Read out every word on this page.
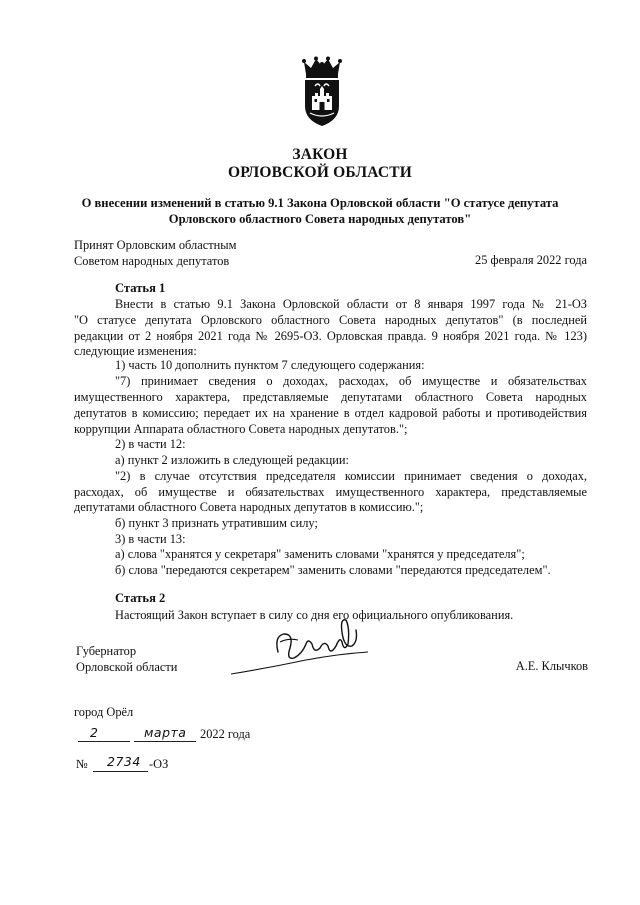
ЗАКОН
ОРЛОВСКОЙ ОБЛАСТИ
О внесении изменений в статью 9.1 Закона Орловской области "О статусе депутата
Орловского областного Совета народных депутатов"
Принят Орловским областным
Советом народных депутатов	25 февраля 2022 года
Статья 1
Внести в статью 9.1 Закона Орловской области от 8 января 1997 года № 21-ОЗ
"О статусе депутата Орловского областного Совета народных депутатов" (в последней
редакции от 2 ноября 2021 года № 2695-ОЗ. Орловская правда. 9 ноября 2021 года. № 123)
следующие изменения:
1) часть 10 дополнить пунктом 7 следующего содержания:
"7) принимает сведения о доходах, расходах, об имуществе и обязательствах
имущественного характера, представляемые депутатами областного Совета народных
депутатов в комиссию; передает их на хранение в отдел кадровой работы и противодействия
коррупции Аппарата областного Совета народных депутатов.";
2) в части 12:
а) пункт 2 изложить в следующей редакции:
"2) в случае отсутствия председателя комиссии принимает сведения о доходах,
расходах, об имуществе и обязательствах имущественного характера, представляемые
депутатами областного Совета народных депутатов в комиссию.";
б) пункт 3 признать утратившим силу;
3) в части 13:
а) слова "хранятся у секретаря" заменить словами "хранятся у председателя";
б) слова "передаются секретарем" заменить словами "передаются председателем".
Статья 2
Настоящий Закон вступает в силу со дня его официального опубликования.
Губернатор
Орловской области	А.Е. Клычков
город Орёл
2	марта 2022 года
№ 2734 -ОЗ
